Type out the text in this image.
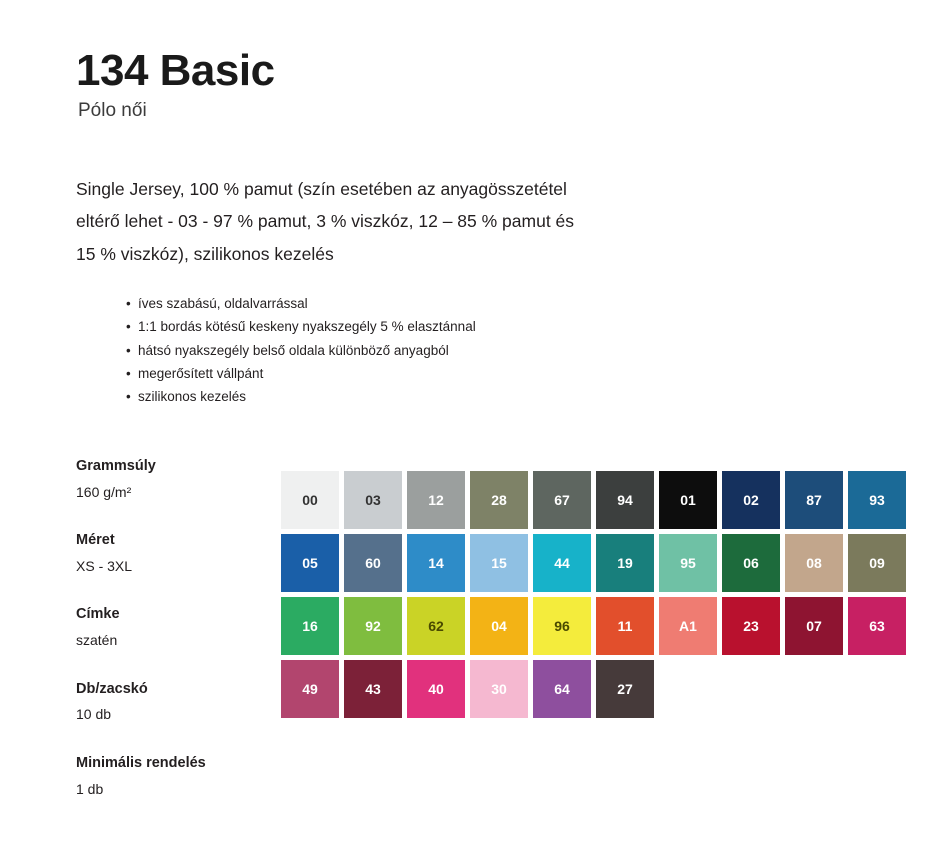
134 Basic
Pólo női
Single Jersey, 100 % pamut (szín esetében az anyagösszetétel
eltérő lehet - 03 - 97 % pamut, 3 % viszkóz, 12 – 85 % pamut és
15 % viszkóz), szilikonos kezelés
• íves szabású, oldalvarrással
• 1:1 bordás kötésű keskeny nyakszegély 5 % elasztánnal
• hátsó nyakszegély belső oldala különböző anyagból
• megerősített vállpánt
• szilikonos kezelés
Grammsúly
160 g/m²
Méret
XS - 3XL
Címke
szatén
Db/zacskó
10 db
Minimális rendelés
1 db
00	03	12	28	67	94	01	02	87	93
05	60	14	15	44	19	95	06	08	09
16	92	62	04	96	11	A1	23	07	63
49	43	40	30	64	27
